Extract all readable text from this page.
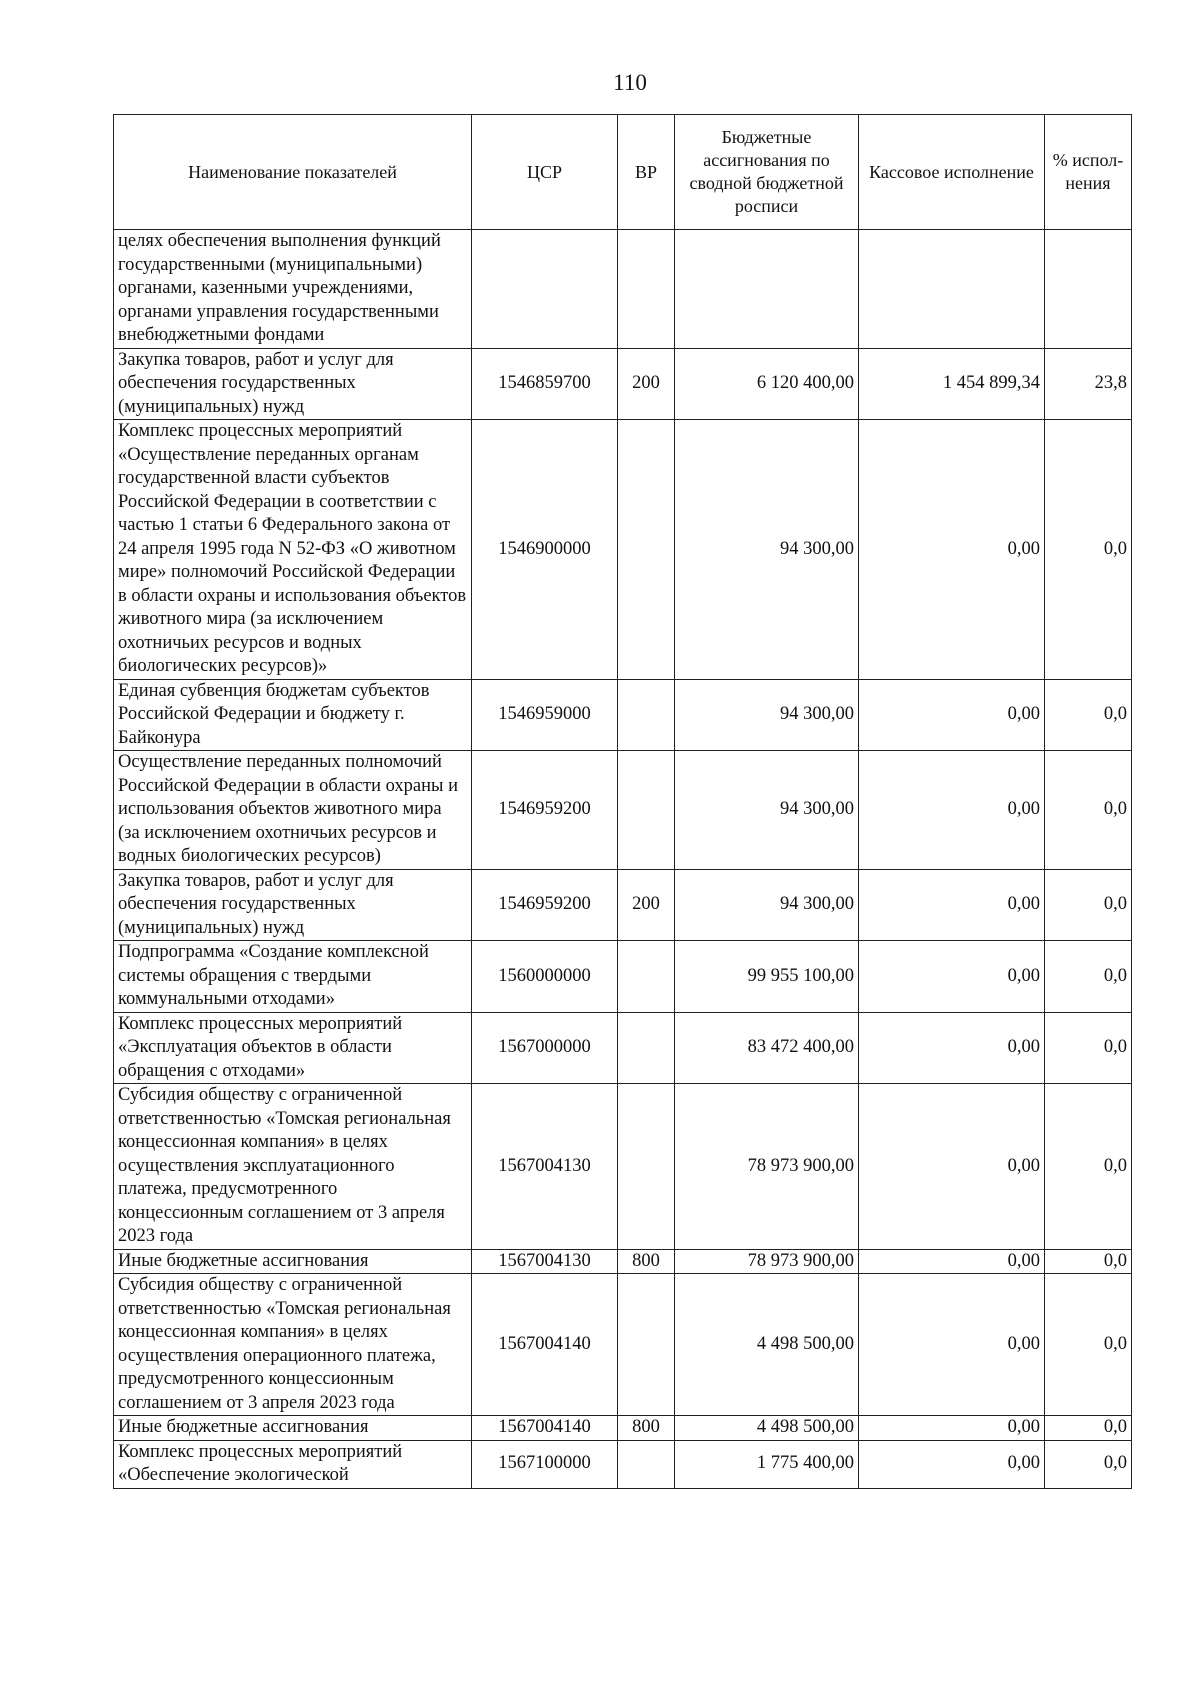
110
Наименование показателей	ЦСР	ВР	Бюджетные ассигнования по сводной бюджетной росписи	Кассовое исполнение	% испол-нения
целях обеспечения выполнения функций государственными (муниципальными) органами, казенными учреждениями, органами управления государственными внебюджетными фондами					
Закупка товаров, работ и услуг для обеспечения государственных (муниципальных) нужд	1546859700	200	6 120 400,00	1 454 899,34	23,8
Комплекс процессных мероприятий «Осуществление переданных органам государственной власти субъектов Российской Федерации в соответствии с частью 1 статьи 6 Федерального закона от 24 апреля 1995 года N 52-ФЗ «О животном мире» полномочий Российской Федерации в области охраны и использования объектов животного мира (за исключением охотничьих ресурсов и водных биологических ресурсов)»	1546900000		94 300,00	0,00	0,0
Единая субвенция бюджетам субъектов Российской Федерации и бюджету г. Байконура	1546959000		94 300,00	0,00	0,0
Осуществление переданных полномочий Российской Федерации в области охраны и использования объектов животного мира (за исключением охотничьих ресурсов и водных биологических ресурсов)	1546959200		94 300,00	0,00	0,0
Закупка товаров, работ и услуг для обеспечения государственных (муниципальных) нужд	1546959200	200	94 300,00	0,00	0,0
Подпрограмма «Создание комплексной системы обращения с твердыми коммунальными отходами»	1560000000		99 955 100,00	0,00	0,0
Комплекс процессных мероприятий «Эксплуатация объектов в области обращения с отходами»	1567000000		83 472 400,00	0,00	0,0
Субсидия обществу с ограниченной ответственностью «Томская региональная концессионная компания» в целях осуществления эксплуатационного платежа, предусмотренного концессионным соглашением от 3 апреля 2023 года	1567004130		78 973 900,00	0,00	0,0
Иные бюджетные ассигнования	1567004130	800	78 973 900,00	0,00	0,0
Субсидия обществу с ограниченной ответственностью «Томская региональная концессионная компания» в целях осуществления операционного платежа, предусмотренного концессионным соглашением от 3 апреля 2023 года	1567004140		4 498 500,00	0,00	0,0
Иные бюджетные ассигнования	1567004140	800	4 498 500,00	0,00	0,0
Комплекс процессных мероприятий «Обеспечение экологической	1567100000		1 775 400,00	0,00	0,0
